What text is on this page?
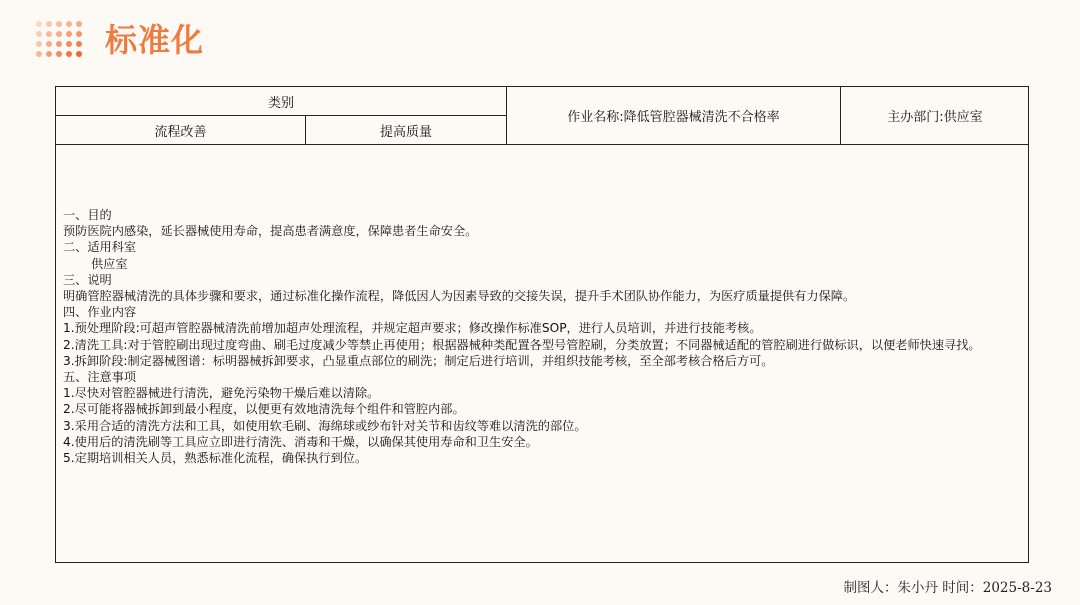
标准化
类别
流程改善	提高质量
作业名称:降低管腔器械清洗不合格率	主办部门:供应室
一、目的
预防医院内感染，延长器械使用寿命，提高患者满意度，保障患者生命安全。
二、适用科室
供应室
三、说明
明确管腔器械清洗的具体步骤和要求，通过标准化操作流程，降低因人为因素导致的交接失误，提升手术团队协作能力，为医疗质量提供有力保障。
四、作业内容
1.预处理阶段:可超声管腔器械清洗前增加超声处理流程，并规定超声要求；修改操作标准SOP，进行人员培训，并进行技能考核。
2.清洗工具:对于管腔刷出现过度弯曲、刷毛过度减少等禁止再使用；根据器械种类配置各型号管腔刷，分类放置；不同器械适配的管腔刷进行做标识，以便老师快速寻找。
3.拆卸阶段:制定器械图谱：标明器械拆卸要求，凸显重点部位的刷洗；制定后进行培训，并组织技能考核，至全部考核合格后方可。
五、注意事项
1.尽快对管腔器械进行清洗，避免污染物干燥后难以清除。
2.尽可能将器械拆卸到最小程度，以便更有效地清洗每个组件和管腔内部。
3.采用合适的清洗方法和工具，如使用软毛刷、海绵球或纱布针对关节和齿纹等难以清洗的部位。
4.使用后的清洗刷等工具应立即进行清洗、消毒和干燥，以确保其使用寿命和卫生安全。
5.定期培训相关人员，熟悉标准化流程，确保执行到位。
制图人：朱小丹 时间：2025-8-23
